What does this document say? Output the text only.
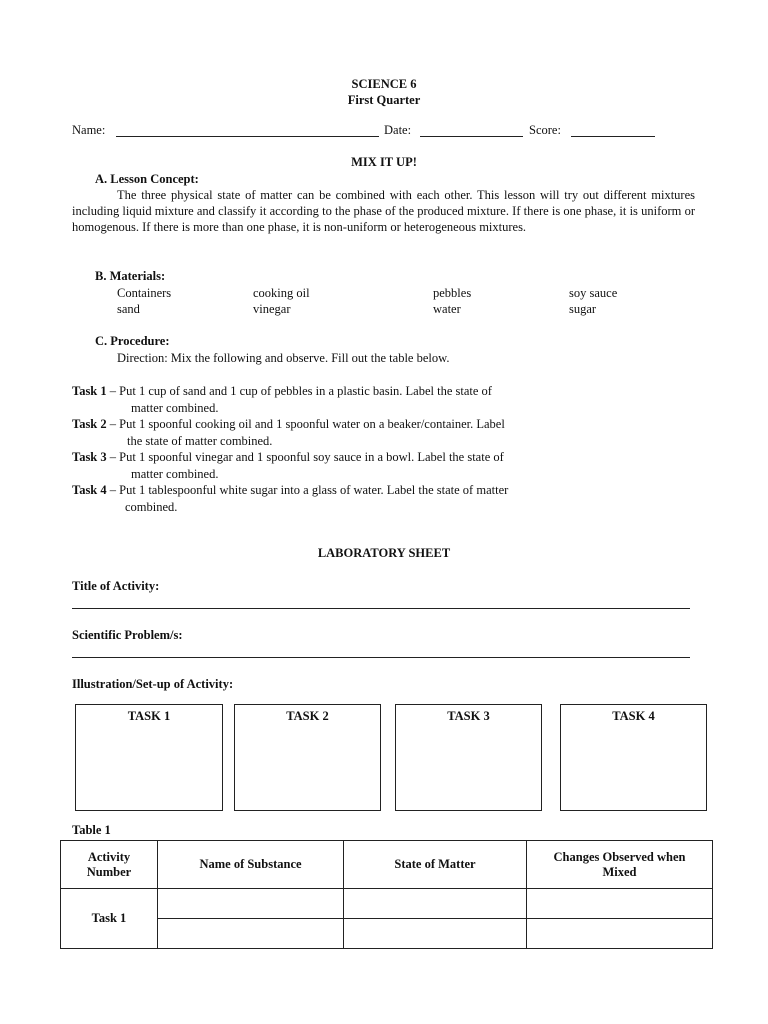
SCIENCE 6
First Quarter
Name:	Date:	Score:
MIX IT UP!
A. Lesson Concept:
The three physical state of matter can be combined with each other. This lesson will try out different mixtures including liquid mixture and classify it according to the phase of the produced mixture. If there is one phase, it is uniform or homogenous. If there is more than one phase, it is non-uniform or heterogeneous mixtures.
B. Materials:
Containers	cooking oil	pebbles	soy sauce
sand	vinegar	water	sugar
C. Procedure:
Direction: Mix the following and observe. Fill out the table below.
Task 1 – Put 1 cup of sand and 1 cup of pebbles in a plastic basin. Label the state of
matter combined.
Task 2 – Put 1 spoonful cooking oil and 1 spoonful water on a beaker/container. Label
the state of matter combined.
Task 3 – Put 1 spoonful vinegar and 1 spoonful soy sauce in a bowl. Label the state of
matter combined.
Task 4 – Put 1 tablespoonful white sugar into a glass of water. Label the state of matter
combined.
LABORATORY SHEET
Title of Activity:
Scientific Problem/s:
Illustration/Set-up of Activity:
TASK 1	TASK 2	TASK 3	TASK 4
Table 1
Activity Number	Name of Substance	State of Matter	Changes Observed when Mixed
Task 1			
